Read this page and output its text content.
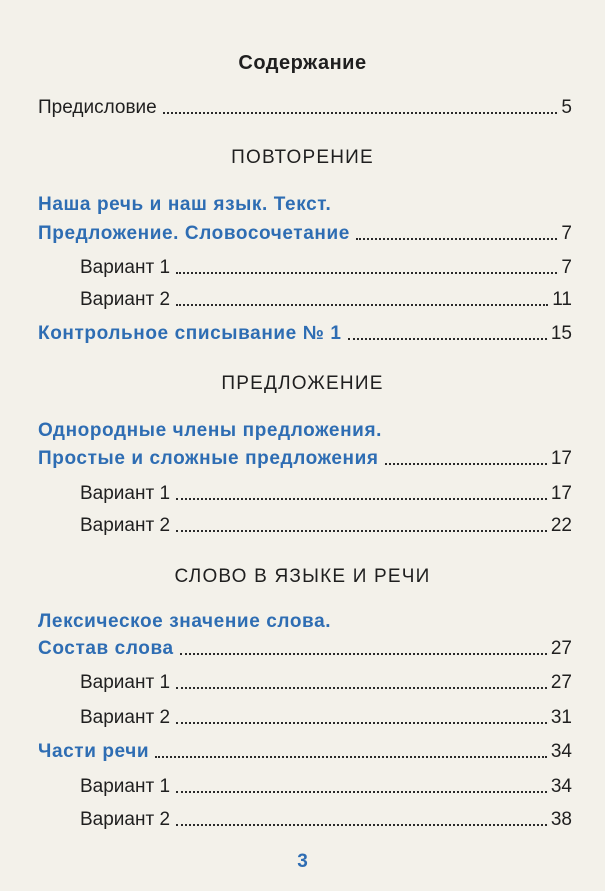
Содержание
Предисловие	5
ПОВТОРЕНИЕ
Наша речь и наш язык. Текст.
Предложение. Словосочетание	7
Вариант 1	7
Вариант 2	11
Контрольное списывание № 1	15
ПРЕДЛОЖЕНИЕ
Однородные члены предложения.
Простые и сложные предложения	17
Вариант 1	17
Вариант 2	22
СЛОВО В ЯЗЫКЕ И РЕЧИ
Лексическое значение слова.
Состав слова	27
Вариант 1	27
Вариант 2	31
Части речи	34
Вариант 1	34
Вариант 2	38
3
